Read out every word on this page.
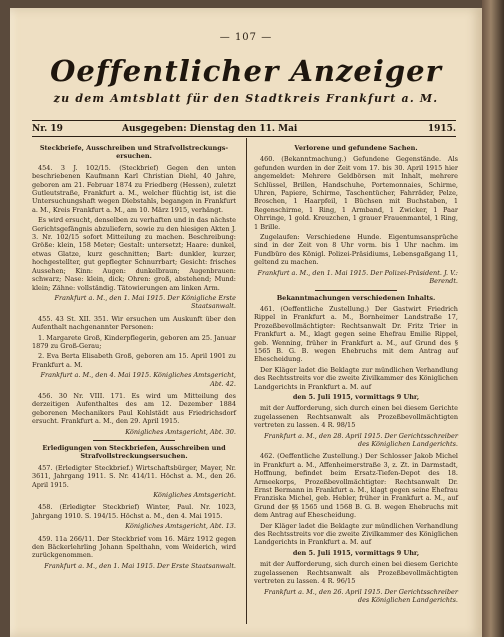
— 107 —
Oeffentlicher Anzeiger
zu dem Amtsblatt für den Stadtkreis Frankfurt a. M.
Nr. 19	Ausgegeben: Dienstag den 11. Mai	1915.
Steckbriefe, Ausschreiben und Strafvollstreckungs-ersuchen.

454. 3 J. 102/15. (Steckbrief) Gegen den unten beschriebenen Kaufmann Karl Christian Diehl, 40 Jahre, geboren am 21. Februar 1874 zu Friedberg (Hessen), zuletzt Gutleutstraße, Frankfurt a. M., welcher flüchtig ist, ist die Untersuchungshaft wegen Diebstahls, begangen in Frankfurt a. M., Kreis Frankfurt a. M., am 10. März 1915, verhängt.

Es wird ersucht, denselben zu verhaften und in das nächste Gerichtsgefängnis abzuliefern, sowie zu den hiesigen Akten J. 3. Nr. 102/15 sofort Mitteilung zu machen. Beschreibung: Größe: klein, 158 Meter; Gestalt: untersetzt; Haare: dunkel, etwas Glatze, kurz geschnitten; Bart: dunkler, kurzer, hochgestellter, gut gepflegter Schnurrbart; Gesicht: frisches Aussehen; Kinn: Augen: dunkelbraun; Augenbrauen: schwarz; Nase: klein, dick; Ohren: groß, abstehend; Mund: klein; Zähne: vollständig. Tätowierungen am linken Arm.

Frankfurt a. M., den 1. Mai 1915. Der Königliche Erste Staatsanwalt.

455. 43 St. XII. 351. Wir ersuchen um Auskunft über den Aufenthalt nachgenannter Personen:

1. Margarete Groß, Kinderpflegerin, geboren am 25. Januar 1879 zu Groß-Gerau;

2. Eva Berta Elisabeth Groß, geboren am 15. April 1901 zu Frankfurt a. M.

Frankfurt a. M., den 4. Mai 1915. Königliches Amtsgericht, Abt. 42.

456. 30 Nr. VIII. 171. Es wird um Mitteilung des derzeitigen Aufenthaltes des am 12. Dezember 1884 geborenen Mechanikers Paul Kohlstädt aus Friedrichsdorf ersucht. Frankfurt a. M., den 29. April 1915.

Königliches Amtsgericht, Abt. 30.

Erledigungen von Steckbriefen, Ausschreiben und Strafvollstreckungsersuchen.

457. (Erledigter Steckbrief.) Wirtschaftsbürger, Mayer, Nr. 3611, Jahrgang 1911. S. Nr. 414/11. Höchst a. M., den 26. April 1915.

Königliches Amtsgericht.

458. (Erledigter Steckbrief) Winter, Paul. Nr. 1023, Jahrgang 1910. S. 194/15. Höchst a. M., den 4. Mai 1915.

Königliches Amtsgericht, Abt. 13.

459. 11a 266/11. Der Steckbrief vom 16. März 1912 gegen den Bäckerlehrling Johann Spelthahn, vom Weiderich, wird zurückgenommen.

Frankfurt a. M., den 1. Mai 1915. Der Erste Staatsanwalt.

Verlorene und gefundene Sachen.

460. (Bekanntmachung.) Gefundene Gegenstände. Als gefunden wurden in der Zeit vom 17. bis 30. April 1915 hier angemeldet: Mehrere Geldbörsen mit Inhalt, mehrere Schlüssel, Brillen, Handschuhe, Portemonnaies, Schirme, Uhren, Papiere, Schirme, Taschentücher, Fahrräder, Pelze, Broschen, 1 Haarpfeil, 1 Büchsen mit Buchstaben, 1 Regenschirme, 1 Ring, 1 Armband, 1 Zwicker, 1 Paar Ohrringe, 1 gold. Kreuzchen, 1 grauer Frauenmantel, 1 Ring, 1 Brille.

Zugelaufen: Verschiedene Hunde. Eigentumsansprüche sind in der Zeit von 8 Uhr vorm. bis 1 Uhr nachm. im Fundbüro des Königl. Polizei-Präsidiums, Lebensgaßgang 11, geltend zu machen.

Frankfurt a. M., den 1. Mai 1915. Der Polizei-Präsident. J. V.: Berendt.

Bekanntmachungen verschiedenen Inhalts.

461. (Oeffentliche Zustellung.) Der Gastwirt Friedrich Rippel in Frankfurt a. M., Bornheimer Landstraße 17, Prozeßbevollmächtigter: Rechtsanwalt Dr. Fritz Trier in Frankfurt a. M., klagt gegen seine Ehefrau Emilie Rippel, geb. Wenning, früher in Frankfurt a. M., auf Grund des § 1565 B. G. B. wegen Ehebruchs mit dem Antrag auf Ehescheidung.

Der Kläger ladet die Beklagte zur mündlichen Verhandlung des Rechtsstreits vor die zweite Zivilkammer des Königlichen Landgerichts in Frankfurt a. M. auf

den 5. Juli 1915, vormittags 9 Uhr,

mit der Aufforderung, sich durch einen bei diesem Gerichte zugelassenen Rechtsanwalt als Prozeßbevollmächtigten vertreten zu lassen. 4 R. 98/15

Frankfurt a. M., den 28. April 1915. Der Gerichtsschreiber des Königlichen Landgerichts.

462. (Oeffentliche Zustellung.) Der Schlosser Jakob Michel in Frankfurt a. M., Affenheimerstraße 3, z. Zt. in Darmstadt, Hoffnung, befindet beim Ersatz-Tiefen-Depot des 18. Armeekorps, Prozeßbevollmächtigter: Rechtsanwalt Dr. Ernst Bermann in Frankfurt a. M., klagt gegen seine Ehefrau Franziska Michel, geb. Hebler, früher in Frankfurt a. M., auf Grund der §§ 1565 und 1568 B. G. B. wegen Ehebruchs mit dem Antrag auf Ehescheidung.

Der Kläger ladet die Beklagte zur mündlichen Verhandlung des Rechtsstreits vor die zweite Zivilkammer des Königlichen Landgerichts in Frankfurt a. M. auf

den 5. Juli 1915, vormittags 9 Uhr,

mit der Aufforderung, sich durch einen bei diesem Gerichte zugelassenen Rechtsanwalt als Prozeßbevollmächtigten vertreten zu lassen. 4 R. 96/15

Frankfurt a. M., den 26. April 1915. Der Gerichtsschreiber des Königlichen Landgerichts.
